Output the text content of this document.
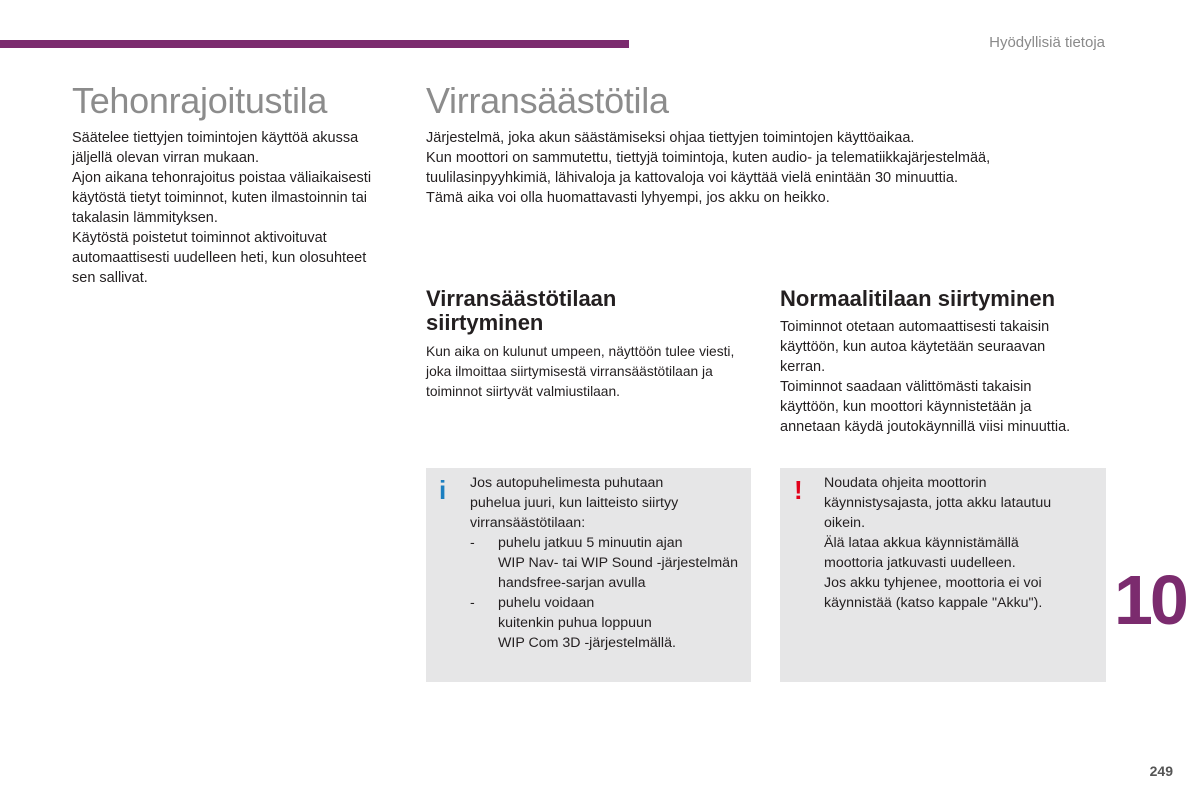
Hyödyllisiä tietoja
Tehonrajoitustila
Säätelee tiettyjen toimintojen käyttöä akussa
jäljellä olevan virran mukaan.
Ajon aikana tehonrajoitus poistaa väliaikaisesti
käytöstä tietyt toiminnot, kuten ilmastoinnin tai
takalasin lämmityksen.
Käytöstä poistetut toiminnot aktivoituvat
automaattisesti uudelleen heti, kun olosuhteet
sen sallivat.
Virransäästötila
Järjestelmä, joka akun säästämiseksi ohjaa tiettyjen toimintojen käyttöaikaa.
Kun moottori on sammutettu, tiettyjä toimintoja, kuten audio- ja telematiikkajärjestelmää,
tuulilasinpyyhkimiä, lähivaloja ja kattovaloja voi käyttää vielä enintään 30 minuuttia.
Tämä aika voi olla huomattavasti lyhyempi, jos akku on heikko.
Virransäästötilaan
siirtyminen
Kun aika on kulunut umpeen, näyttöön tulee viesti,
joka ilmoittaa siirtymisestä virransäästötilaan ja
toiminnot siirtyvät valmiustilaan.
Normaalitilaan siirtyminen
Toiminnot otetaan automaattisesti takaisin
käyttöön, kun autoa käytetään seuraavan
kerran.
Toiminnot saadaan välittömästi takaisin
käyttöön, kun moottori käynnistetään ja
annetaan käydä joutokäynnillä viisi minuuttia.
i Jos autopuhelimesta puhutaan
puhelua juuri, kun laitteisto siirtyy
virransäästötilaan:
-	puhelu jatkuu 5 minuutin ajan
WIP Nav- tai WIP Sound -järjestelmän
handsfree-sarjan avulla
-	puhelu voidaan
kuitenkin puhua loppuun
WIP Com 3D -järjestelmällä.
! Noudata ohjeita moottorin
käynnistysajasta, jotta akku latautuu
oikein.
Älä lataa akkua käynnistämällä
moottoria jatkuvasti uudelleen.
Jos akku tyhjenee, moottoria ei voi
käynnistää (katso kappale "Akku"). 10
249
